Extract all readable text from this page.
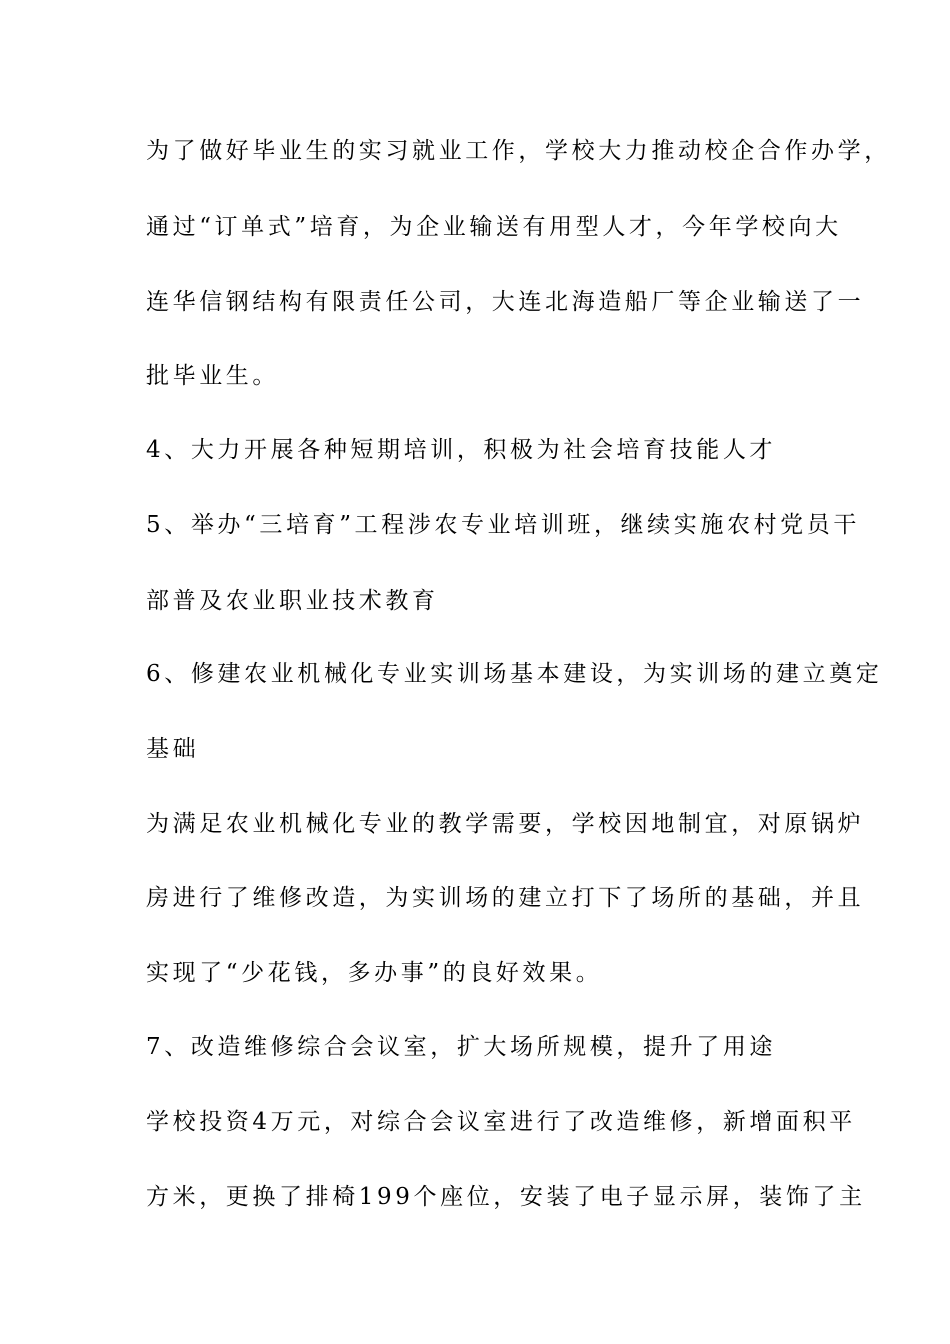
为了做好毕业生的实习就业工作，学校大力推动校企合作办学，
通过“订单式”培育，为企业输送有用型人才，今年学校向大
连华信钢结构有限责任公司，大连北海造船厂等企业输送了一
批毕业生。
4、大力开展各种短期培训，积极为社会培育技能人才
5、举办“三培育”工程涉农专业培训班，继续实施农村党员干
部普及农业职业技术教育
6、修建农业机械化专业实训场基本建设，为实训场的建立奠定
基础
为满足农业机械化专业的教学需要，学校因地制宜，对原锅炉
房进行了维修改造，为实训场的建立打下了场所的基础，并且
实现了“少花钱，多办事”的良好效果。
7、改造维修综合会议室，扩大场所规模，提升了用途
学校投资4万元，对综合会议室进行了改造维修，新增面积平
方米，更换了排椅199个座位，安装了电子显示屏，装饰了主
